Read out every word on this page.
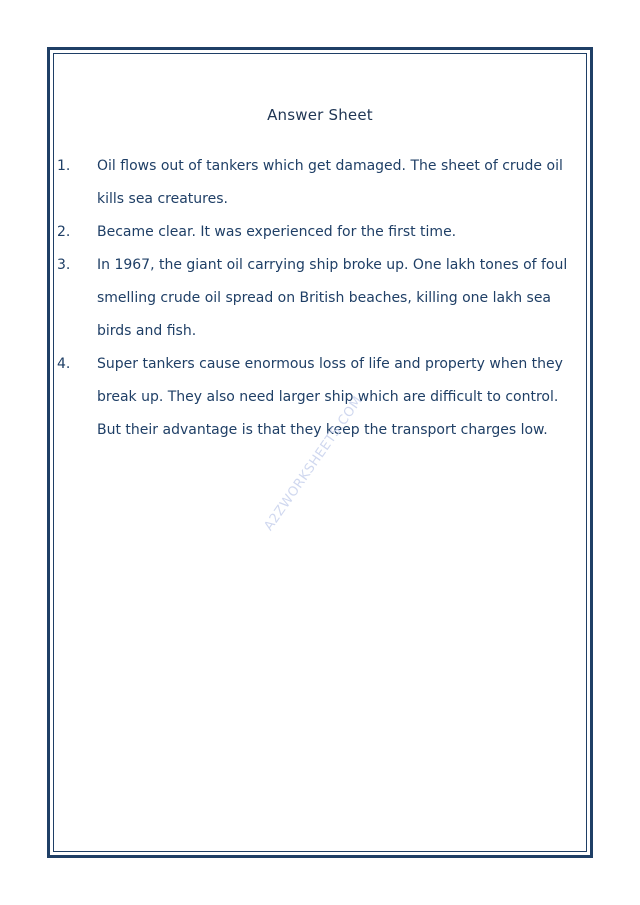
Answer Sheet
1.	Oil flows out of tankers which get damaged. The sheet of crude oil kills sea creatures.
2.	Became clear. It was experienced for the first time.
3.	In 1967, the giant oil carrying ship broke up. One lakh tones of foul smelling crude oil spread on British beaches, killing one lakh sea birds and fish.
4.	Super tankers cause enormous loss of life and property when they break up. They also need larger ship which are difficult to control. But their advantage is that they keep the transport charges low.
A2ZWORKSHEETS.COM
